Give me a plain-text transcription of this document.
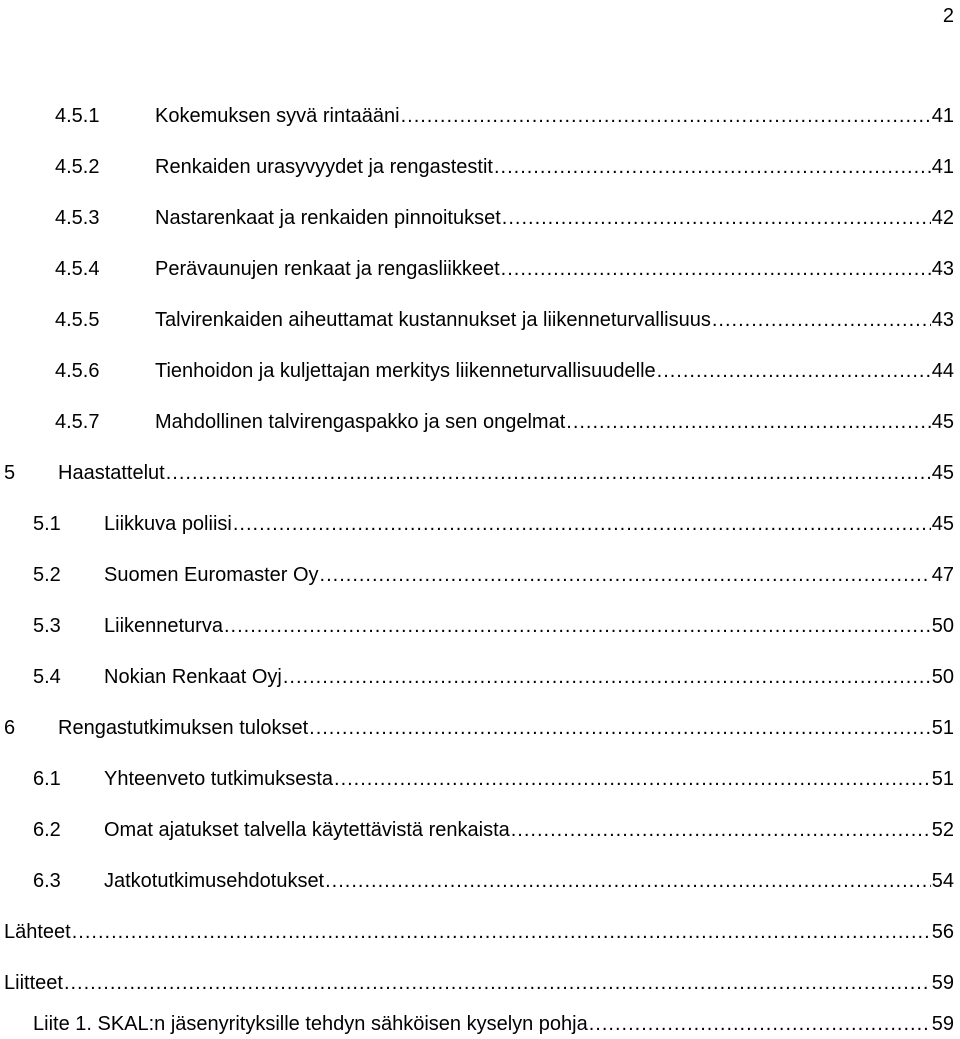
2
4.5.1	Kokemuksen syvä rintaääni .....	41
4.5.2	Renkaiden urasyvyydet ja rengastestit .....	41
4.5.3	Nastarenkaat ja renkaiden pinnoitukset .....	42
4.5.4	Perävaunujen renkaat ja rengasliikkeet .....	43
4.5.5	Talvirenkaiden aiheuttamat kustannukset ja liikenneturvallisuus .....	43
4.5.6	Tienhoidon ja kuljettajan merkitys liikenneturvallisuudelle .....	44
4.5.7	Mahdollinen talvirengaspakko ja sen ongelmat .....	45
5 Haastattelut .....	45
5.1 Liikkuva poliisi .....	45
5.2 Suomen Euromaster Oy .....	47
5.3 Liikenneturva .....	50
5.4 Nokian Renkaat Oyj .....	50
6 Rengastutkimuksen tulokset .....	51
6.1 Yhteenveto tutkimuksesta .....	51
6.2 Omat ajatukset talvella käytettävistä renkaista .....	52
6.3 Jatkotutkimusehdotukset .....	54
Lähteet .....	56
Liitteet .....	59
Liite 1. SKAL:n jäsenyrityksille tehdyn sähköisen kyselyn pohja .....	59
